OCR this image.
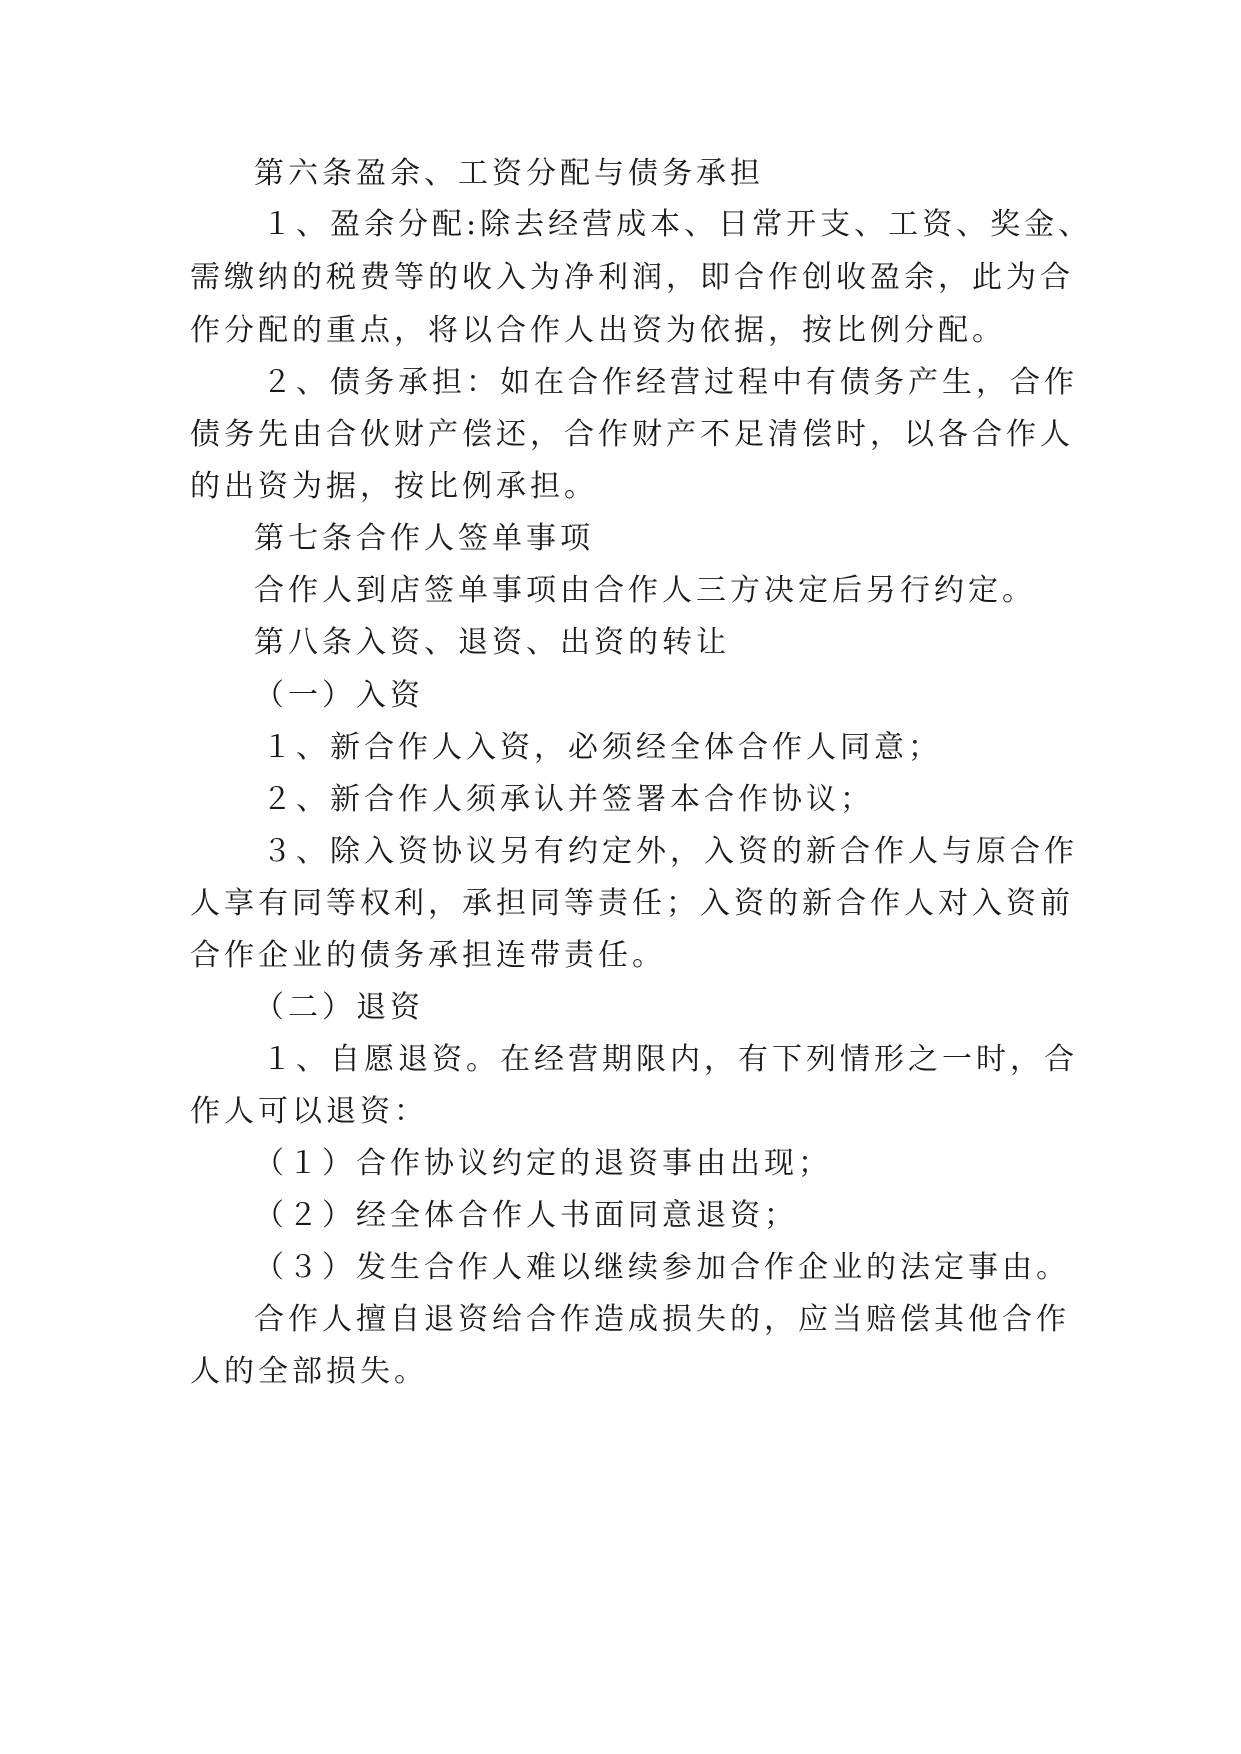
第六条盈余、工资分配与债务承担
１、盈余分配:除去经营成本、日常开支、工资、奖金、
需缴纳的税费等的收入为净利润，即合作创收盈余，此为合
作分配的重点，将以合作人出资为依据，按比例分配。
２、债务承担：如在合作经营过程中有债务产生，合作
债务先由合伙财产偿还，合作财产不足清偿时，以各合作人
的出资为据，按比例承担。
第七条合作人签单事项
合作人到店签单事项由合作人三方决定后另行约定。
第八条入资、退资、出资的转让
（一）入资
１、新合作人入资，必须经全体合作人同意；
２、新合作人须承认并签署本合作协议；
３、除入资协议另有约定外，入资的新合作人与原合作
人享有同等权利，承担同等责任；入资的新合作人对入资前
合作企业的债务承担连带责任。
（二）退资
１、自愿退资。在经营期限内，有下列情形之一时，合
作人可以退资：
（１）合作协议约定的退资事由出现；
（２）经全体合作人书面同意退资；
（３）发生合作人难以继续参加合作企业的法定事由。
合作人擅自退资给合作造成损失的，应当赔偿其他合作
人的全部损失。
